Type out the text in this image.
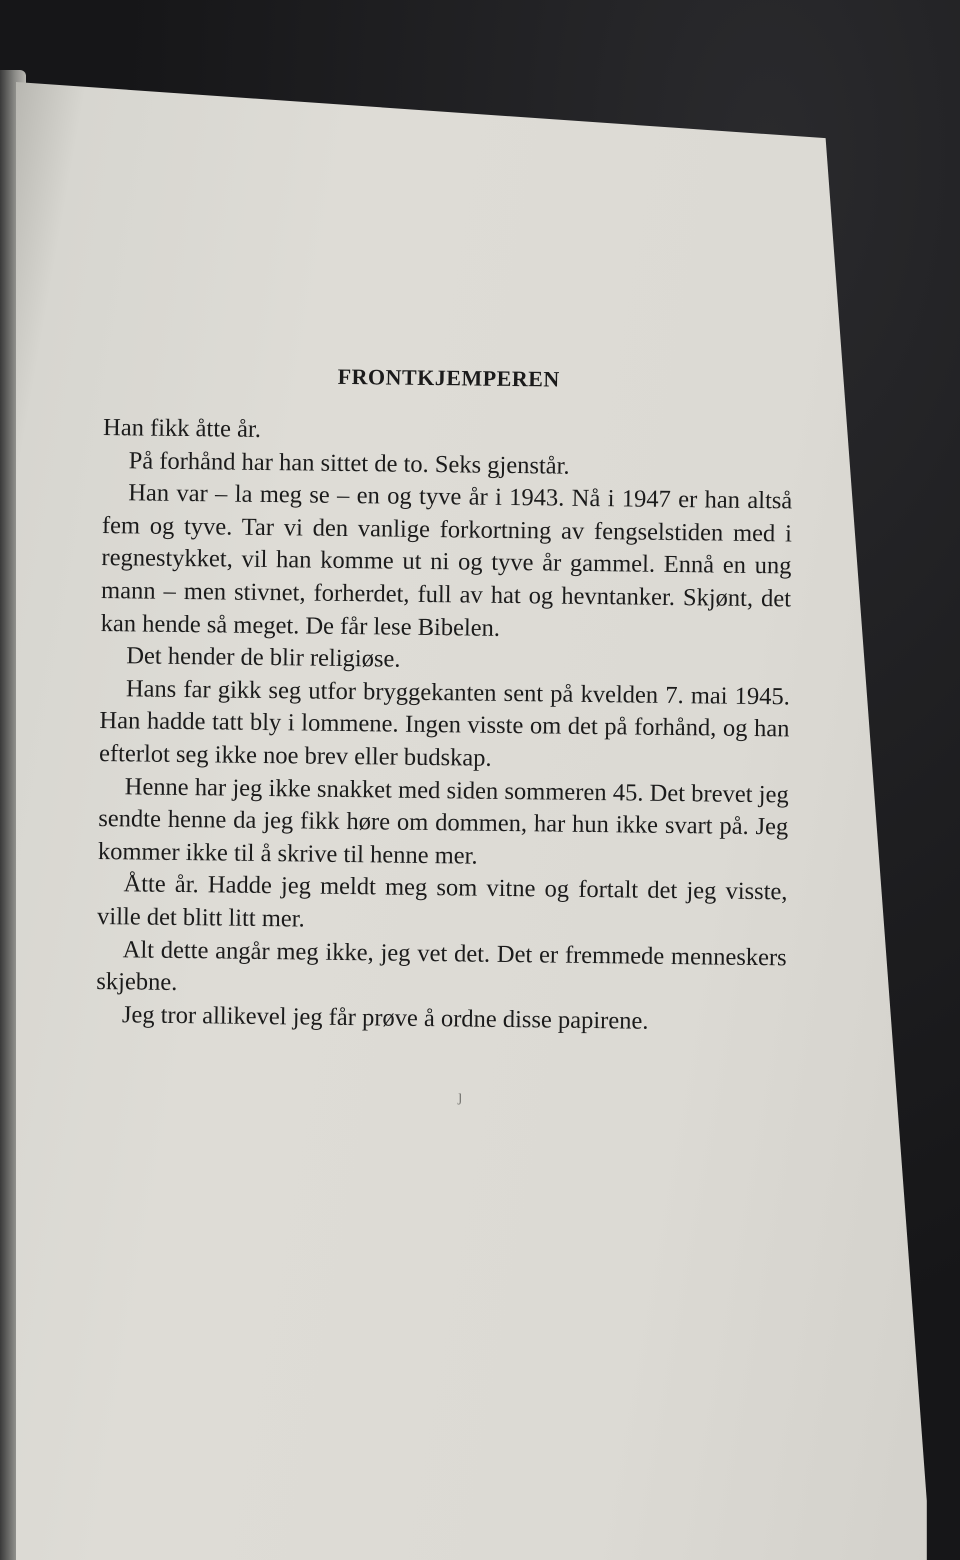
FRONTKJEMPEREN

Han fikk åtte år.

På forhånd har han sittet de to. Seks gjenstår.

Han var – la meg se – en og tyve år i 1943. Nå i 1947 er han altså fem og tyve. Tar vi den vanlige forkortning av fengselstiden med i regnestykket, vil han komme ut ni og tyve år gammel. Ennå en ung mann – men stivnet, forherdet, full av hat og hevntanker. Skjønt, det kan hende så meget. De får lese Bibelen.

Det hender de blir religiøse.

Hans far gikk seg utfor bryggekanten sent på kvelden 7. mai 1945. Han hadde tatt bly i lommene. Ingen visste om det på forhånd, og han efterlot seg ikke noe brev eller budskap.

Henne har jeg ikke snakket med siden sommeren 45. Det brevet jeg sendte henne da jeg fikk høre om dommen, har hun ikke svart på. Jeg kommer ikke til å skrive til henne mer.

Åtte år. Hadde jeg meldt meg som vitne og fortalt det jeg visste, ville det blitt litt mer.

Alt dette angår meg ikke, jeg vet det. Det er fremmede menneskers skjebne.

Jeg tror allikevel jeg får prøve å ordne disse papirene.

ȷ
